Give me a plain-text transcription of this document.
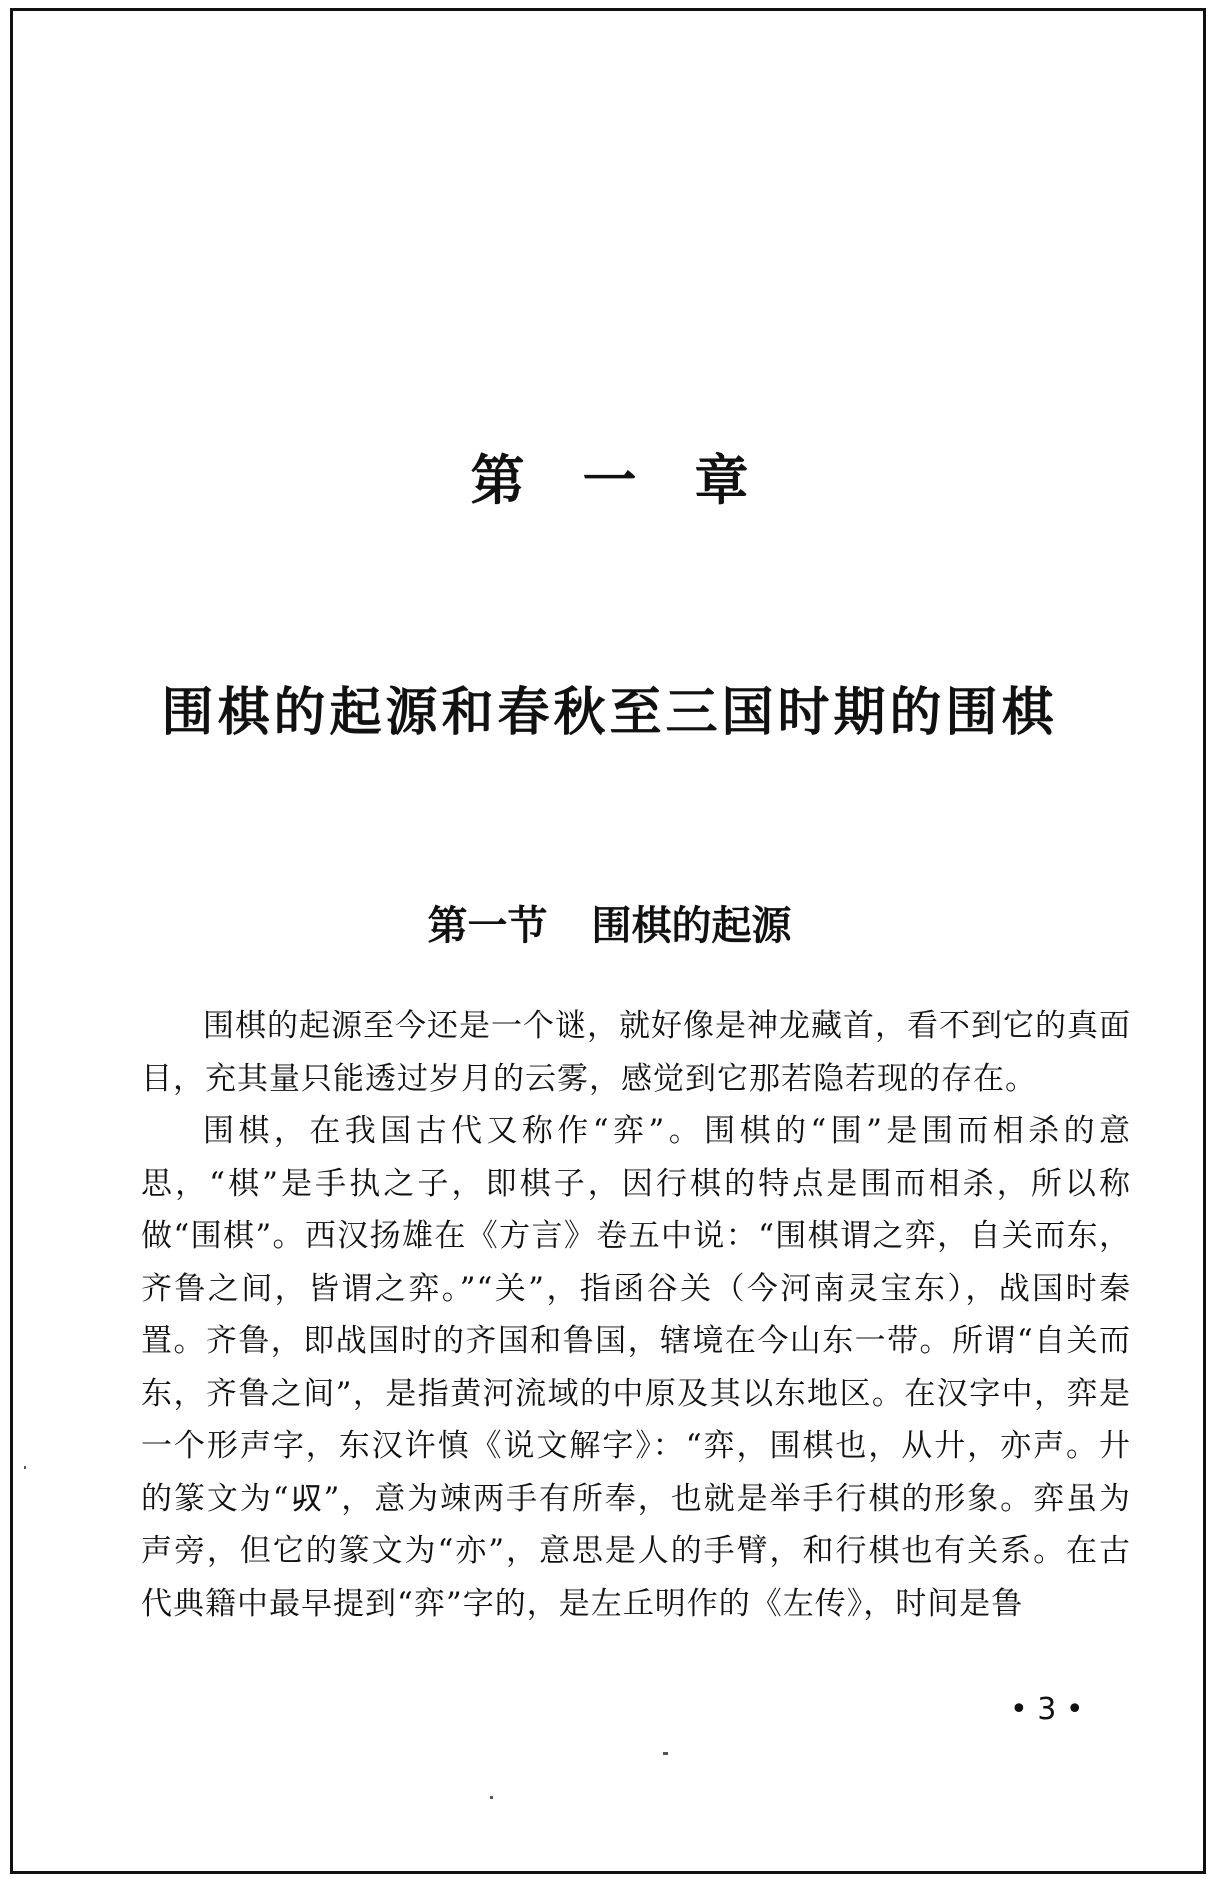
第一章
围棋的起源和春秋至三国时期的围棋
第一节 围棋的起源

围棋的起源至今还是一个谜，就好像是神龙藏首，看不到它的真面目，充其量只能透过岁月的云雾，感觉到它那若隐若现的存在。

围棋，在我国古代又称作“弈”。围棋的“围”是围而相杀的意思，“棋”是手执之子，即棋子，因行棋的特点是围而相杀，所以称做“围棋”。西汉扬雄在《方言》卷五中说：“围棋谓之弈，自关而东，齐鲁之间，皆谓之弈。”“关”，指函谷关（今河南灵宝东），战国时秦置。齐鲁，即战国时的齐国和鲁国，辖境在今山东一带。所谓“自关而东，齐鲁之间”，是指黄河流域的中原及其以东地区。在汉字中，弈是一个形声字，东汉许慎《说文解字》：“弈，围棋也，从廾，亦声。廾的篆文为“𠬞”，意为竦两手有所奉，也就是举手行棋的形象。弈虽为声旁，但它的篆文为“亦”，意思是人的手臂，和行棋也有关系。在古代典籍中最早提到“弈”字的，是左丘明作的《左传》，时间是鲁

• 3 •
